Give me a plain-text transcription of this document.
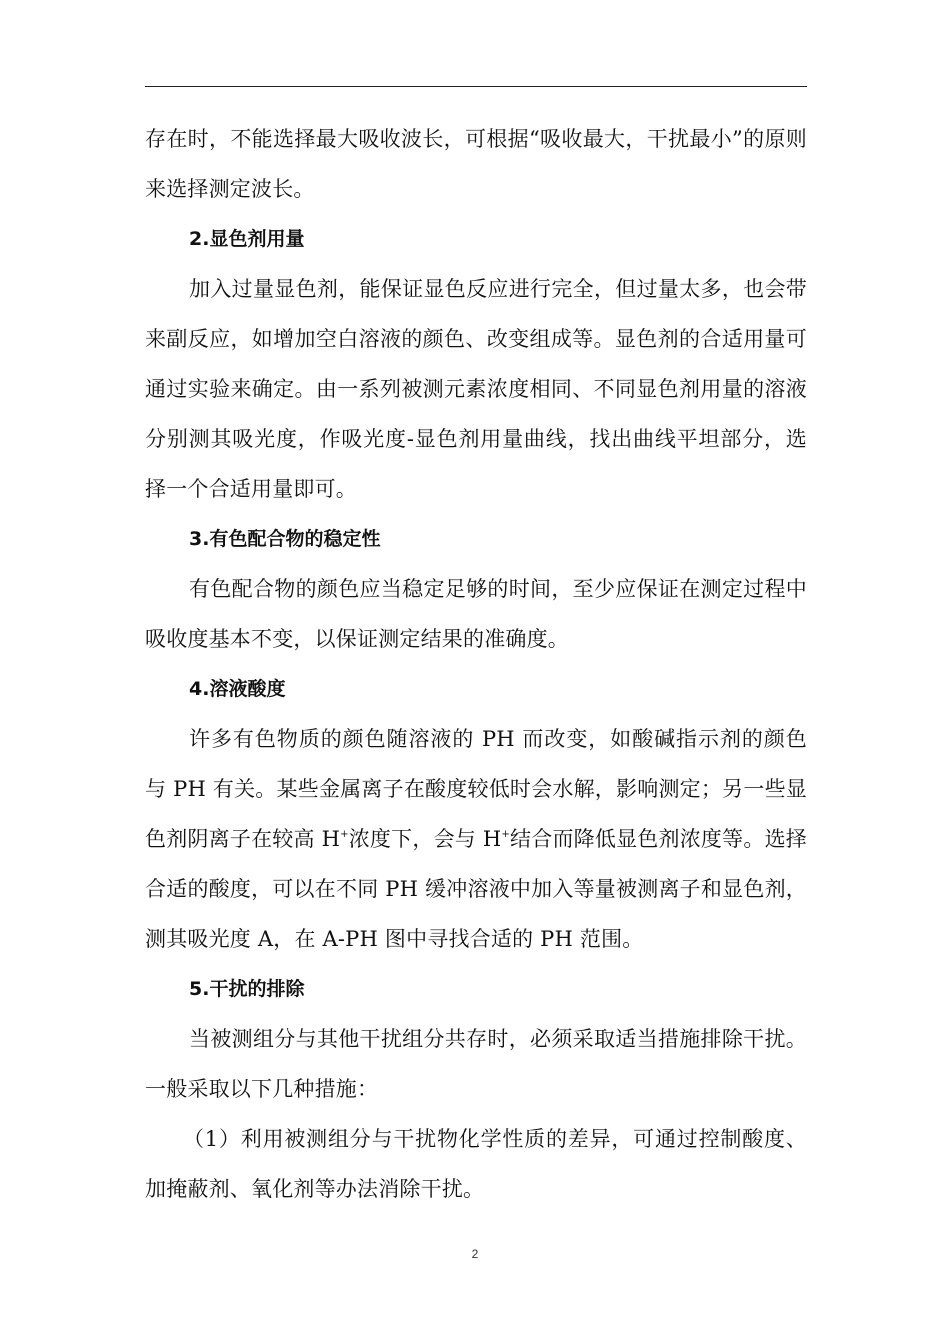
存在时，不能选择最大吸收波长，可根据“吸收最大，干扰最小”的原则来选择测定波长。

2.显色剂用量

加入过量显色剂，能保证显色反应进行完全，但过量太多，也会带来副反应，如增加空白溶液的颜色、改变组成等。显色剂的合适用量可通过实验来确定。由一系列被测元素浓度相同、不同显色剂用量的溶液分别测其吸光度，作吸光度-显色剂用量曲线，找出曲线平坦部分，选择一个合适用量即可。

3.有色配合物的稳定性

有色配合物的颜色应当稳定足够的时间，至少应保证在测定过程中吸收度基本不变，以保证测定结果的准确度。

4.溶液酸度

许多有色物质的颜色随溶液的 PH 而改变，如酸碱指示剂的颜色与 PH 有关。某些金属离子在酸度较低时会水解，影响测定；另一些显色剂阴离子在较高 H+浓度下，会与 H+结合而降低显色剂浓度等。选择合适的酸度，可以在不同 PH 缓冲溶液中加入等量被测离子和显色剂，测其吸光度 A，在 A-PH 图中寻找合适的 PH 范围。

5.干扰的排除

当被测组分与其他干扰组分共存时，必须采取适当措施排除干扰。一般采取以下几种措施：

（1）利用被测组分与干扰物化学性质的差异，可通过控制酸度、加掩蔽剂、氧化剂等办法消除干扰。

2
